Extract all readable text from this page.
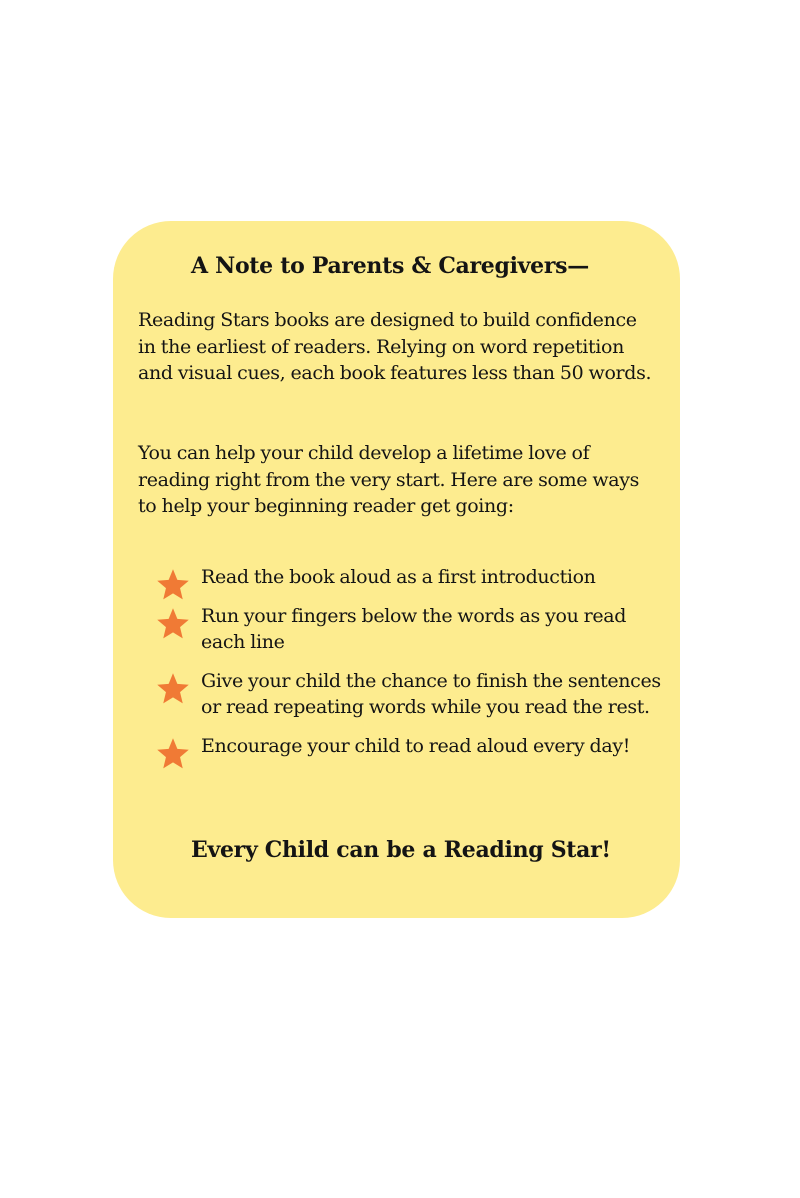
A Note to Parents & Caregivers—

Reading Stars books are designed to build confidence in the earliest of readers. Relying on word repetition and visual cues, each book features less than 50 words.

You can help your child develop a lifetime love of reading right from the very start. Here are some ways to help your beginning reader get going:

Read the book aloud as a first introduction
Run your fingers below the words as you read each line
Give your child the chance to finish the sentences or read repeating words while you read the rest.
Encourage your child to read aloud every day!

Every Child can be a Reading Star!
